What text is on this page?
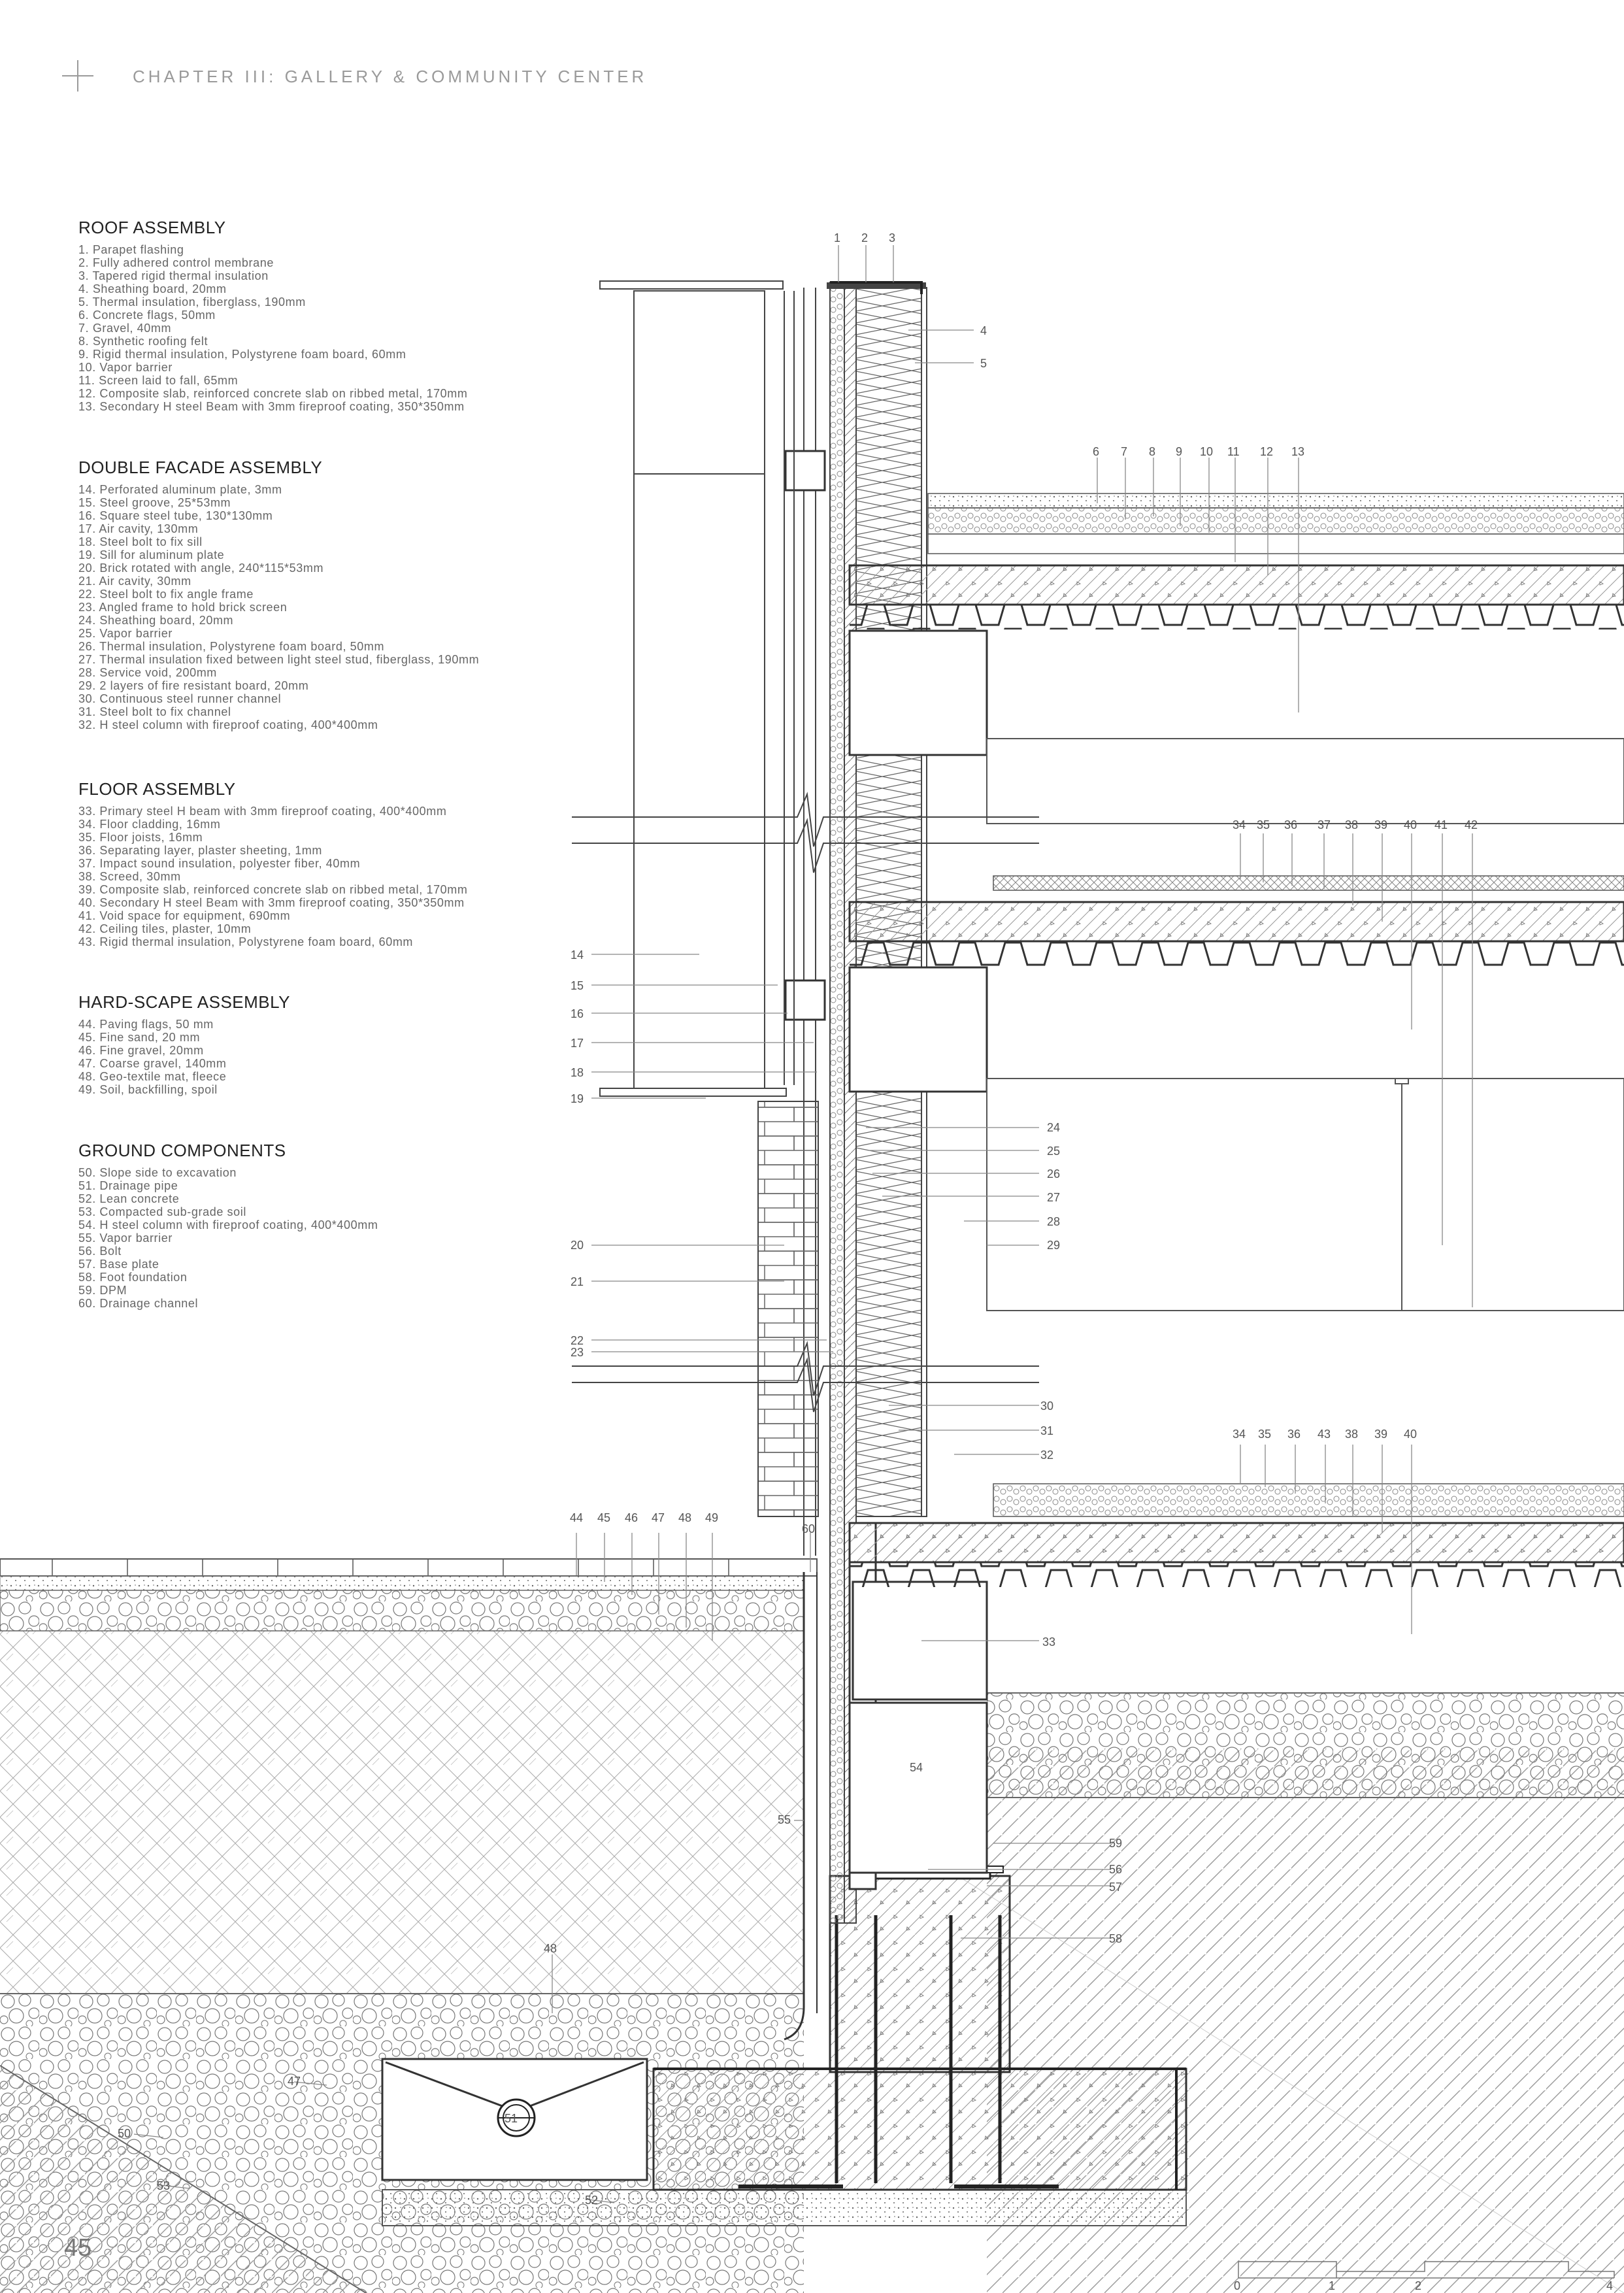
CHAPTER III: GALLERY & COMMUNITY CENTER
ROOF ASSEMBLY
1. Parapet flashing
2. Fully adhered control membrane
3. Tapered rigid thermal insulation
4. Sheathing board, 20mm
5. Thermal insulation, fiberglass, 190mm
6. Concrete flags, 50mm
7. Gravel, 40mm
8. Synthetic roofing felt
9. Rigid thermal insulation, Polystyrene foam board, 60mm
10. Vapor barrier
11. Screen laid to fall, 65mm
12. Composite slab, reinforced concrete slab on ribbed metal, 170mm
13. Secondary H steel Beam with 3mm fireproof coating, 350*350mm
DOUBLE FACADE ASSEMBLY
14. Perforated aluminum plate, 3mm
15. Steel groove, 25*53mm
16. Square steel tube, 130*130mm
17. Air cavity, 130mm
18. Steel bolt to fix sill
19. Sill for aluminum plate
20. Brick rotated with angle, 240*115*53mm
21. Air cavity, 30mm
22. Steel bolt to fix angle frame
23. Angled frame to hold brick screen
24. Sheathing board, 20mm
25. Vapor barrier
26. Thermal insulation, Polystyrene foam board, 50mm
27. Thermal insulation fixed between light steel stud, fiberglass, 190mm
28. Service void, 200mm
29. 2 layers of fire resistant board, 20mm
30. Continuous steel runner channel
31. Steel bolt to fix channel
32. H steel column with fireproof coating, 400*400mm
FLOOR ASSEMBLY
33. Primary steel H beam with 3mm fireproof coating, 400*400mm
34. Floor cladding, 16mm
35. Floor joists, 16mm
36. Separating layer, plaster sheeting, 1mm
37. Impact sound insulation, polyester fiber, 40mm
38. Screed, 30mm
39. Composite slab, reinforced concrete slab on ribbed metal, 170mm
40. Secondary H steel Beam with 3mm fireproof coating, 350*350mm
41. Void space for equipment, 690mm
42. Ceiling tiles, plaster, 10mm
43. Rigid thermal insulation, Polystyrene foam board, 60mm
HARD-SCAPE ASSEMBLY
44. Paving flags, 50 mm
45. Fine sand, 20 mm
46. Fine gravel, 20mm
47. Coarse gravel, 140mm
48. Geo-textile mat, fleece
49. Soil, backfilling, spoil
GROUND COMPONENTS
50. Slope side to excavation
51. Drainage pipe
52. Lean concrete
53. Compacted sub-grade soil
54. H steel column with fireproof coating, 400*400mm
55. Vapor barrier
56. Bolt
57. Base plate
58. Foot foundation
59. DPM
60. Drainage channel
51
54
1 2 3
4 5
6 7 8 9 10 11 12 13
34 35 36 37 38 39 40 41 42
14 15 16 17 18 19 20 21 22 23
24 25 26 27 28 29 30 31 32
34 35 36 43 38 39 40
44 45 46 47 48 49
60
33
55
59 56 57 58
48
47
50
53
52
0	1	2	4
45
